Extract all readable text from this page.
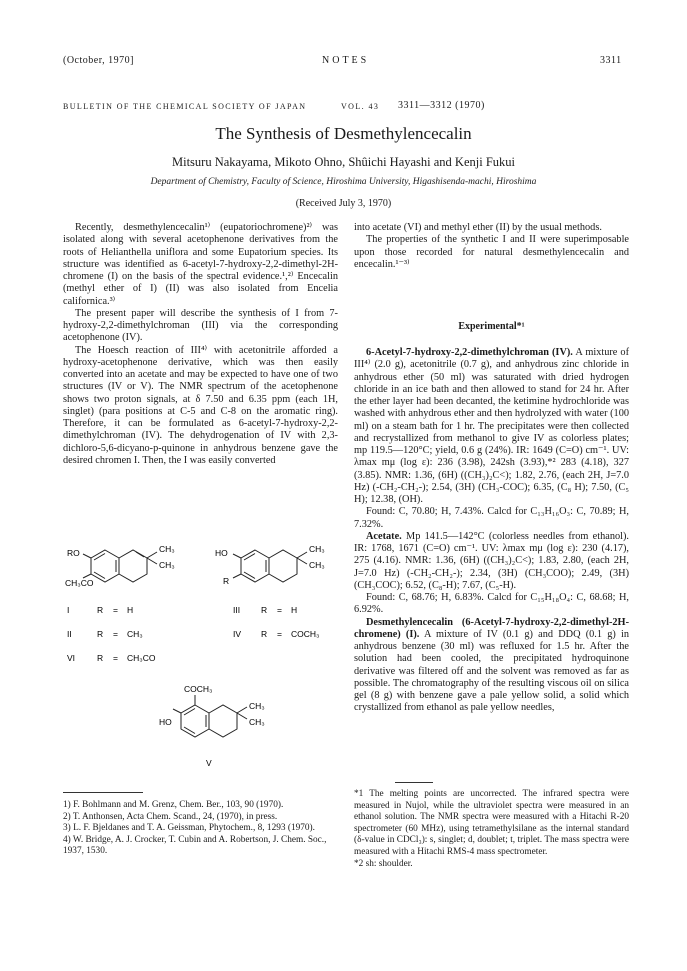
(October, 1970]	NOTES	3311
BULLETIN OF THE CHEMICAL SOCIETY OF JAPAN	VOL. 43 3311—3312 (1970)
The Synthesis of Desmethylencecalin
Mitsuru Nakayama, Mikoto Ohno, Shûichi Hayashi and Kenji Fukui
Department of Chemistry, Faculty of Science, Hiroshima University, Higashisenda-machi, Hiroshima
(Received July 3, 1970)

Recently, desmethylencecalin¹⁾ (eupatoriochromene)²⁾ was isolated along with several acetophenone derivatives from the roots of Helianthella uniflora and some Eupatorium species. Its structure was identified as 6-acetyl-7-hydroxy-2,2-dimethyl-2H-chromene (I) on the basis of the spectral evidence.¹,²⁾ Encecalin (methyl ether of I) (II) was also isolated from Encelia californica.³⁾

The present paper will describe the synthesis of I from 7-hydroxy-2,2-dimethylchroman (III) via the corresponding acetophenone (IV).

The Hoesch reaction of III⁴⁾ with acetonitrile afforded a hydroxy-acetophenone derivative, which was then easily converted into an acetate and may be expected to have one of two structures (IV or V). The NMR spectrum of the acetophenone shows two proton signals, at δ 7.50 and 6.35 ppm (each 1H, singlet) (para positions at C-5 and C-8 on the aromatic ring). Therefore, it can be formulated as 6-acetyl-7-hydroxy-2,2-dimethylchroman (IV). The dehydrogenation of IV with 2,3-dichloro-5,6-dicyano-p-quinone in anhydrous benzene gave the desired chromen I. Then, the I was easily converted

into acetate (VI) and methyl ether (II) by the usual methods.

The properties of the synthetic I and II were superimposable upon those recorded for natural desmethylencecalin and encecalin.¹⁻³⁾

Experimental*¹

6-Acetyl-7-hydroxy-2,2-dimethylchroman (IV). A mixture of III⁴⁾ (2.0 g), acetonitrile (0.7 g), and anhydrous zinc chloride in anhydrous ether (50 ml) was saturated with dried hydrogen chloride in an ice bath and then allowed to stand for 24 hr. After the ether layer had been decanted, the ketimine hydrochloride was washed with anhydrous ether and then hydrolyzed with water (100 ml) on a steam bath for 1 hr. The precipitates were then collected and recrystallized from methanol to give IV as colorless plates; mp 119.5—120°C; yield, 0.6 g (24%). IR: 1649 (C=O) cm⁻¹. UV: λmax mμ (log ε): 236 (3.98), 242sh (3.93),*² 283 (4.18), 327 (3.85). NMR: 1.36, (6H) ((CH₃)₂C<); 1.82, 2.76, (each 2H, J=7.0 Hz) (-CH₂-CH₂-); 2.54, (3H) (CH₃-COC); 6.35, (C₈ H); 7.50, (C₅ H); 12.38, (OH).

Found: C, 70.80; H, 7.43%. Calcd for C₁₃H₁₆O₃: C, 70.89; H, 7.32%.

Acetate. Mp 141.5—142°C (colorless needles from ethanol). IR: 1768, 1671 (C=O) cm⁻¹. UV: λmax mμ (log ε): 230 (4.17), 275 (4.16). NMR: 1.36, (6H) ((CH₃)₂C<); 1.83, 2.80, (each 2H, J=7.0 Hz) (-CH₂-CH₂-); 2.34, (3H) (CH₃COO); 2.49, (3H) (CH₃COC); 6.52, (C₈-H); 7.67, (C₅-H).

Found: C, 68.76; H, 6.83%. Calcd for C₁₅H₁₈O₄: C, 68.68; H, 6.92%.

Desmethylencecalin (6-Acetyl-7-hydroxy-2,2-dimethyl-2H-chromene) (I). A mixture of IV (0.1 g) and DDQ (0.1 g) in anhydrous benzene (30 ml) was refluxed for 1.5 hr. After the solution had been cooled, the precipitated hydroquinone derivative was filtered off and the solvent was removed as far as possible. The chromatography of the resulting viscous oil on silica gel (8 g) with benzene gave a pale yellow solid, a solid which crystallized from ethanol as pale yellow needles,

RO
CH₃CO
CH₃
CH₃
HO
R
CH₃
CH₃
I	R = H
II	R = CH₃
VI	R = CH₃CO
III R = H
IV R = COCH₃
COCH₃
HO
CH₃
CH₃
V
1) F. Bohlmann and M. Grenz, Chem. Ber., 103, 90 (1970).
2) T. Anthonsen, Acta Chem. Scand., 24, (1970), in press.
3) L. F. Bjeldanes and T. A. Geissman, Phytochem., 8, 1293 (1970).
4) W. Bridge, A. J. Crocker, T. Cubin and A. Robertson, J. Chem. Soc., 1937, 1530.
*1 The melting points are uncorrected. The infrared spectra were measured in Nujol, while the ultraviolet spectra were measured in an ethanol solution. The NMR spectra were measured with a Hitachi R-20 spectrometer (60 MHz), using tetramethylsilane as the internal standard (δ-value in CDCl₃): s, singlet; d, doublet; t, triplet. The mass spectra were measured with a Hitachi RMS-4 mass spectrometer.
*2 sh: shoulder.
